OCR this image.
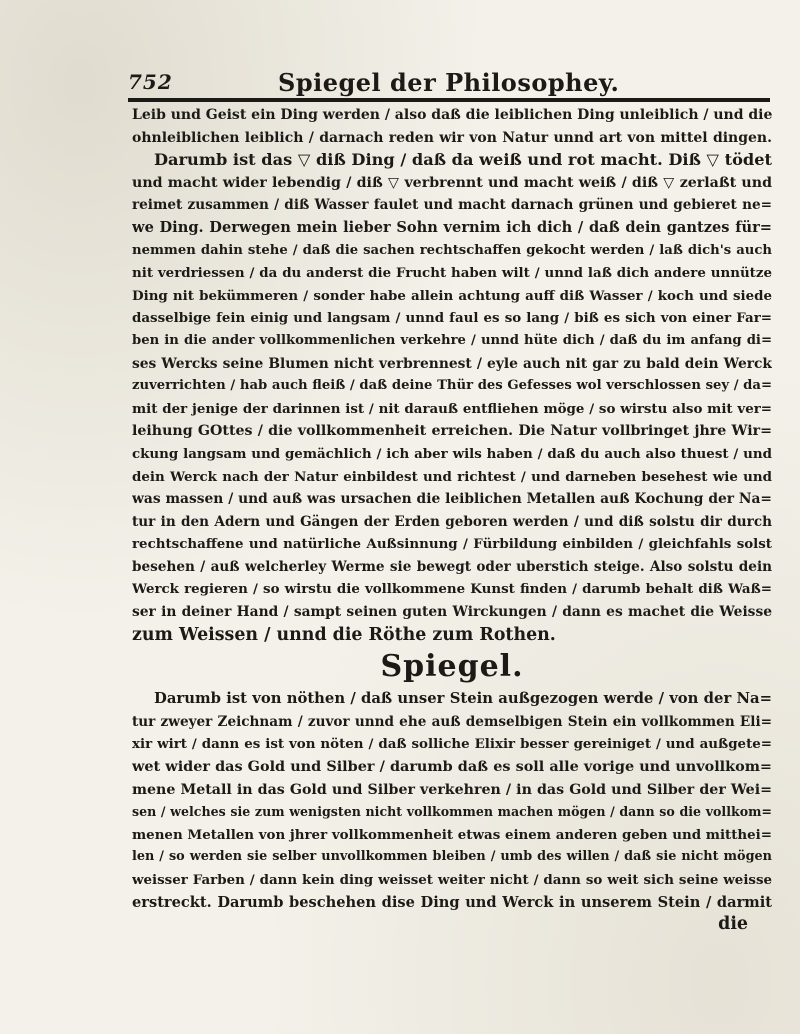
752	Spiegel der Philosophey.
Leib und Geist ein Ding werden / also daß die leiblichen Ding unleiblich / und die
ohnleiblichen leiblich / darnach reden wir von Natur unnd art von mittel dingen.
Darumb ist das ▽ diß Ding / daß da weiß und rot macht. Diß ▽ tödet
und macht wider lebendig / diß ▽ verbrennt und macht weiß / diß ▽ zerlaßt und
reimet zusammen / diß Wasser faulet und macht darnach grünen und gebieret ne=
we Ding. Derwegen mein lieber Sohn vernim ich dich / daß dein gantzes für=
nemmen dahin stehe / daß die sachen rechtschaffen gekocht werden / laß dich's auch
nit verdriessen / da du anderst die Frucht haben wilt / unnd laß dich andere unnütze
Ding nit bekümmeren / sonder habe allein achtung auff diß Wasser / koch und siede
dasselbige fein einig und langsam / unnd faul es so lang / biß es sich von einer Far=
ben in die ander vollkommenlichen verkehre / unnd hüte dich / daß du im anfang di=
ses Wercks seine Blumen nicht verbrennest / eyle auch nit gar zu bald dein Werck
zuverrichten / hab auch fleiß / daß deine Thür des Gefesses wol verschlossen sey / da=
mit der jenige der darinnen ist / nit darauß entfliehen möge / so wirstu also mit ver=
leihung GOttes / die vollkommenheit erreichen. Die Natur vollbringet jhre Wir=
ckung langsam und gemächlich / ich aber wils haben / daß du auch also thuest / und
dein Werck nach der Natur einbildest und richtest / und darneben besehest wie und
was massen / und auß was ursachen die leiblichen Metallen auß Kochung der Na=
tur in den Adern und Gängen der Erden geboren werden / und diß solstu dir durch
rechtschaffene und natürliche Außsinnung / Fürbildung einbilden / gleichfahls solst
besehen / auß welcherley Werme sie bewegt oder uberstich steige. Also solstu dein
Werck regieren / so wirstu die vollkommene Kunst finden / darumb behalt diß Waß=
ser in deiner Hand / sampt seinen guten Wirckungen / dann es machet die Weisse
zum Weissen / unnd die Röthe zum Rothen.
Spiegel.
Darumb ist von nöthen / daß unser Stein außgezogen werde / von der Na=
tur zweyer Zeichnam / zuvor unnd ehe auß demselbigen Stein ein vollkommen Eli=
xir wirt / dann es ist von nöten / daß solliche Elixir besser gereiniget / und außgete=
wet wider das Gold und Silber / darumb daß es soll alle vorige und unvollkom=
mene Metall in das Gold und Silber verkehren / in das Gold und Silber der Wei=
sen / welches sie zum wenigsten nicht vollkommen machen mögen / dann so die vollkom=
menen Metallen von jhrer vollkommenheit etwas einem anderen geben und mitthei=
len / so werden sie selber unvollkommen bleiben / umb des willen / daß sie nicht mögen
weisser Farben / dann kein ding weisset weiter nicht / dann so weit sich seine weisse
erstreckt. Darumb beschehen dise Ding und Werck in unserem Stein / darmit
die
